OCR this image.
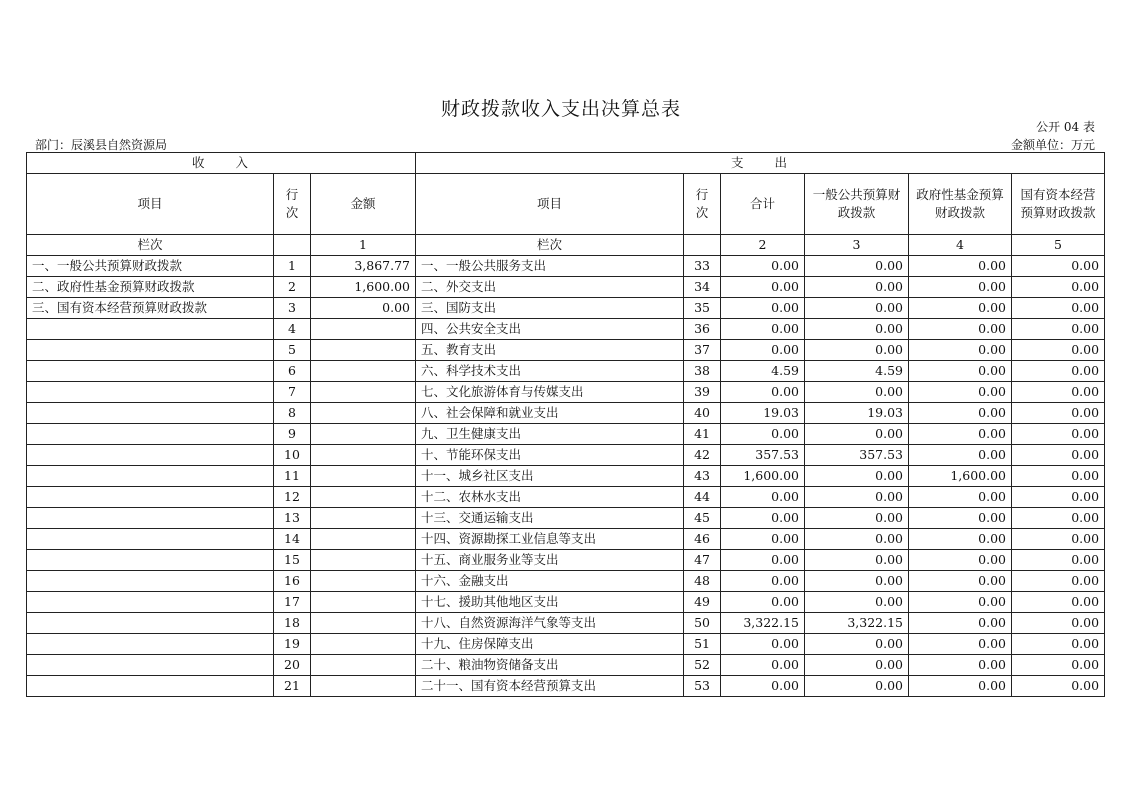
财政拨款收入支出决算总表
公开 04 表
部门：辰溪县自然资源局	金额单位：万元
收　　入			支　　出					
项目	行次	金额	项目	行次	合计	一般公共预算财政拨款	政府性基金预算财政拨款	国有资本经营预算财政拨款
栏次		1	栏次		2	3	4	5
一、一般公共预算财政拨款	1	3,867.77	一、一般公共服务支出	33	0.00	0.00	0.00	0.00
二、政府性基金预算财政拨款	2	1,600.00	二、外交支出	34	0.00	0.00	0.00	0.00
三、国有资本经营预算财政拨款	3	0.00	三、国防支出	35	0.00	0.00	0.00	0.00
	4		四、公共安全支出	36	0.00	0.00	0.00	0.00
	5		五、教育支出	37	0.00	0.00	0.00	0.00
	6		六、科学技术支出	38	4.59	4.59	0.00	0.00
	7		七、文化旅游体育与传媒支出	39	0.00	0.00	0.00	0.00
	8		八、社会保障和就业支出	40	19.03	19.03	0.00	0.00
	9		九、卫生健康支出	41	0.00	0.00	0.00	0.00
	10		十、节能环保支出	42	357.53	357.53	0.00	0.00
	11		十一、城乡社区支出	43	1,600.00	0.00	1,600.00	0.00
	12		十二、农林水支出	44	0.00	0.00	0.00	0.00
	13		十三、交通运输支出	45	0.00	0.00	0.00	0.00
	14		十四、资源勘探工业信息等支出	46	0.00	0.00	0.00	0.00
	15		十五、商业服务业等支出	47	0.00	0.00	0.00	0.00
	16		十六、金融支出	48	0.00	0.00	0.00	0.00
	17		十七、援助其他地区支出	49	0.00	0.00	0.00	0.00
	18		十八、自然资源海洋气象等支出	50	3,322.15	3,322.15	0.00	0.00
	19		十九、住房保障支出	51	0.00	0.00	0.00	0.00
	20		二十、粮油物资储备支出	52	0.00	0.00	0.00	0.00
	21		二十一、国有资本经营预算支出	53	0.00	0.00	0.00	0.00
